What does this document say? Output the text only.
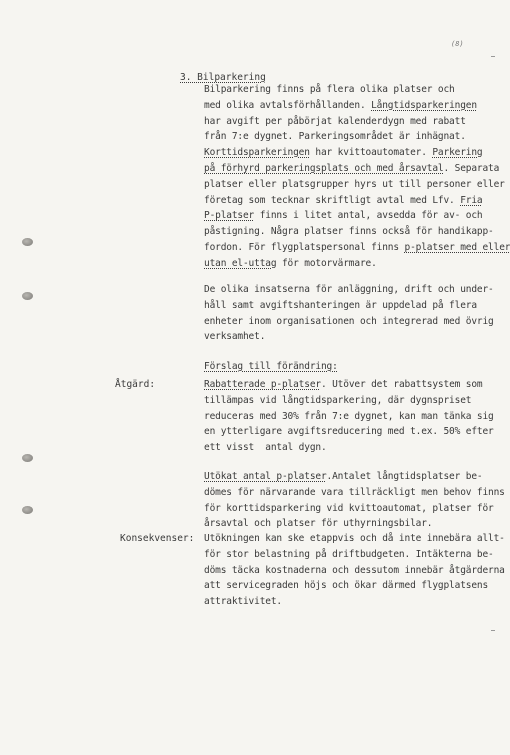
(8)
3. Bilparkering
Bilparkering finns på flera olika platser och
med olika avtalsförhållanden. Långtidsparkeringen
har avgift per påbörjat kalenderdygn med rabatt
från 7:e dygnet. Parkeringsområdet är inhägnat.
Korttidsparkeringen har kvittoautomater. Parkering
på förhyrd parkeringsplats och med årsavtal. Separata
platser eller platsgrupper hyrs ut till personer eller
företag som tecknar skriftligt avtal med Lfv. Fria
P-platser finns i litet antal, avsedda för av- och
påstigning. Några platser finns också för handikapp-
fordon. För flygplatspersonal finns p-platser med eller
utan el-uttag för motorvärmare.
De olika insatserna för anläggning, drift och under-
håll samt avgiftshanteringen är uppdelad på flera
enheter inom organisationen och integrerad med övrig
verksamhet.
Förslag till förändring:
Åtgärd:	Rabatterade p-platser. Utöver det rabattsystem som
tillämpas vid långtidsparkering, där dygnspriset
reduceras med 30% från 7:e dygnet, kan man tänka sig
en ytterligare avgiftsreducering med t.ex. 50% efter
ett visst  antal dygn.
Utökat antal p-platser.Antalet långtidsplatser be-
dömes för närvarande vara tillräckligt men behov finns
för korttidsparkering vid kvittoautomat, platser för
årsavtal och platser för uthyrningsbilar.
Konsekvenser: Utökningen kan ske etappvis och då inte innebära allt-
för stor belastning på driftbudgeten. Intäkterna be-
döms täcka kostnaderna och dessutom innebär åtgärderna
att servicegraden höjs och ökar därmed flygplatsens
attraktivitet.
